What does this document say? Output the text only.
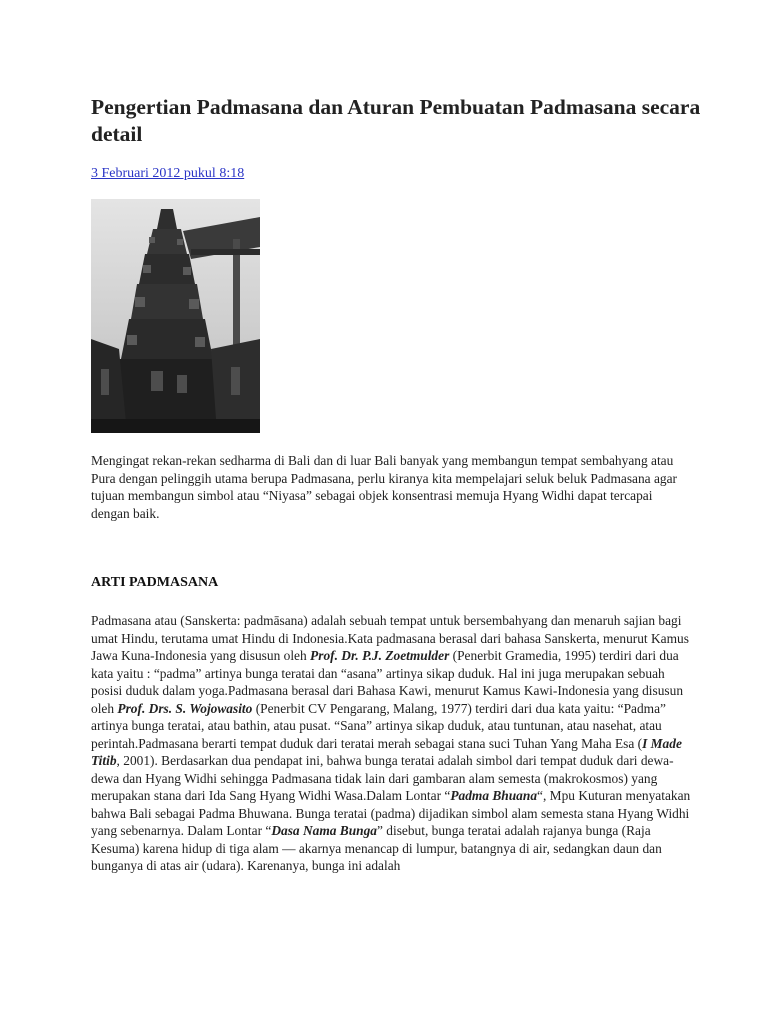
Pengertian Padmasana dan Aturan Pembuatan Padmasana secara detail
3 Februari 2012 pukul 8:18

Mengingat rekan-rekan sedharma di Bali dan di luar Bali banyak yang membangun tempat sembahyang atau Pura dengan pelinggih utama berupa Padmasana, perlu kiranya kita mempelajari seluk beluk Padmasana agar tujuan membangun simbol atau “Niyasa” sebagai objek konsentrasi memuja Hyang Widhi dapat tercapai dengan baik.

ARTI PADMASANA

Padmasana atau (Sanskerta: padmāsana) adalah sebuah tempat untuk bersembahyang dan menaruh sajian bagi umat Hindu, terutama umat Hindu di Indonesia.Kata padmasana berasal dari bahasa Sanskerta, menurut Kamus Jawa Kuna-Indonesia yang disusun oleh Prof. Dr. P.J. Zoetmulder (Penerbit Gramedia, 1995) terdiri dari dua kata yaitu : “padma” artinya bunga teratai dan “asana” artinya sikap duduk. Hal ini juga merupakan sebuah posisi duduk dalam yoga.Padmasana berasal dari Bahasa Kawi, menurut Kamus Kawi-Indonesia yang disusun oleh Prof. Drs. S. Wojowasito (Penerbit CV Pengarang, Malang, 1977) terdiri dari dua kata yaitu: “Padma” artinya bunga teratai, atau bathin, atau pusat. “Sana” artinya sikap duduk, atau tuntunan, atau nasehat, atau perintah.Padmasana berarti tempat duduk dari teratai merah sebagai stana suci Tuhan Yang Maha Esa (I Made Titib, 2001). Berdasarkan dua pendapat ini, bahwa bunga teratai adalah simbol dari tempat duduk dari dewa-dewa dan Hyang Widhi sehingga Padmasana tidak lain dari gambaran alam semesta (makrokosmos) yang merupakan stana dari Ida Sang Hyang Widhi Wasa.Dalam Lontar “Padma Bhuana“, Mpu Kuturan menyatakan bahwa Bali sebagai Padma Bhuwana. Bunga teratai (padma) dijadikan simbol alam semesta stana Hyang Widhi yang sebenarnya. Dalam Lontar “Dasa Nama Bunga” disebut, bunga teratai adalah rajanya bunga (Raja Kesuma) karena hidup di tiga alam — akarnya menancap di lumpur, batangnya di air, sedangkan daun dan bunganya di atas air (udara). Karenanya, bunga ini adalah
